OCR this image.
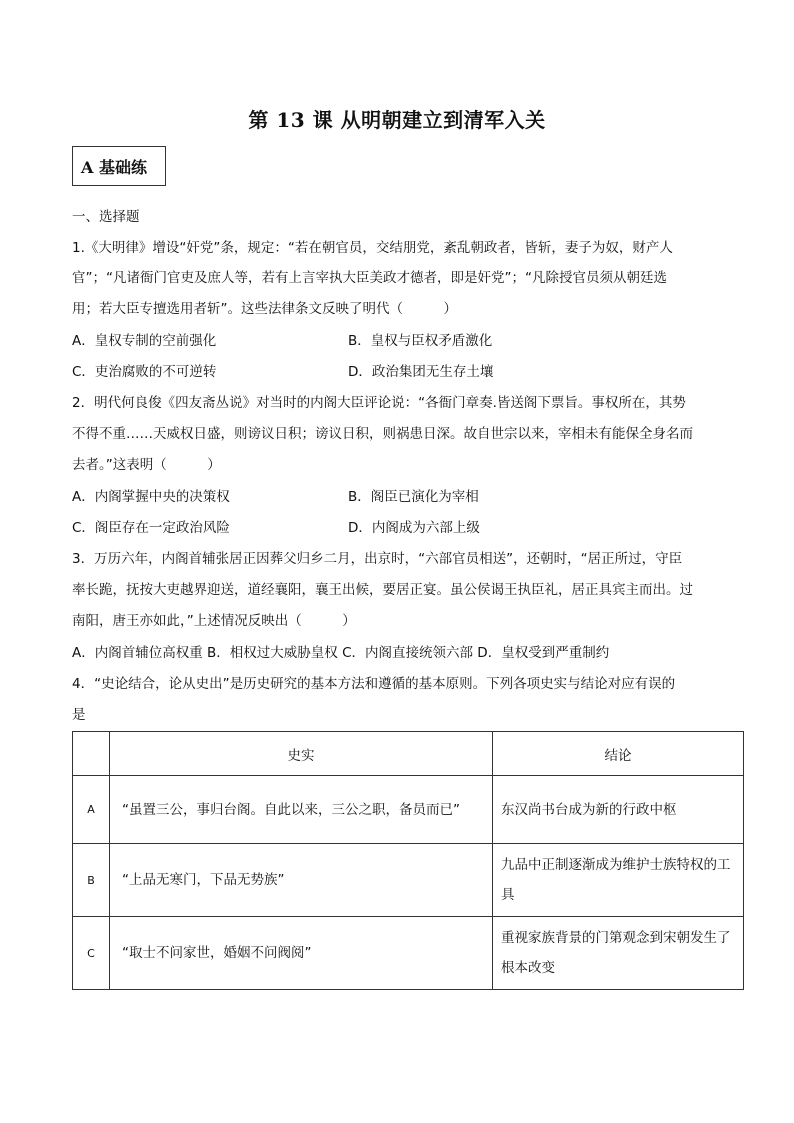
第 13 课 从明朝建立到清军入关
A 基础练
一、选择题
1.《大明律》增设“奸党”条，规定：“若在朝官员，交结朋党，紊乱朝政者，皆斩，妻子为奴，财产人
官”；“凡诸衙门官吏及庶人等，若有上言宰执大臣美政才德者，即是奸党”；“凡除授官员须从朝廷选
用；若大臣专擅选用者斩”。这些法律条文反映了明代（　　　）
A．皇权专制的空前强化	B．皇权与臣权矛盾激化
C．吏治腐败的不可逆转	D．政治集团无生存土壤
2．明代何良俊《四友斋丛说》对当时的内阁大臣评论说：“各衙门章奏.皆送阁下票旨。事权所在，其势
不得不重……天威权日盛，则谤议日积；谤议日积，则祸患日深。故自世宗以来，宰相未有能保全身名而
去者。”这表明（　　　）
A．内阁掌握中央的决策权	B．阁臣已演化为宰相
C．阁臣存在一定政治风险	D．内阁成为六部上级
3．万历六年，内阁首辅张居正因葬父归乡二月，出京时，“六部官员相送”，还朝时，“居正所过，守臣
率长跪，抚按大吏越界迎送，道经襄阳，襄王出候，要居正宴。虽公侯谒王执臣礼，居正具宾主而出。过
南阳，唐王亦如此，”上述情况反映出（　　　）
A．内阁首辅位高权重 B．相权过大威胁皇权 C．内阁直接统领六部 D．皇权受到严重制约
4．“史论结合，论从史出”是历史研究的基本方法和遵循的基本原则。下列各项史实与结论对应有误的
是
	史实	结论
A	“虽置三公，事归台阁。自此以来，三公之职，备员而已”	东汉尚书台成为新的行政中枢
B	“上品无寒门，下品无势族”	九品中正制逐渐成为维护士族特权的工具
C	“取士不问家世，婚姻不问阀阅”	重视家族背景的门第观念到宋朝发生了根本改变
